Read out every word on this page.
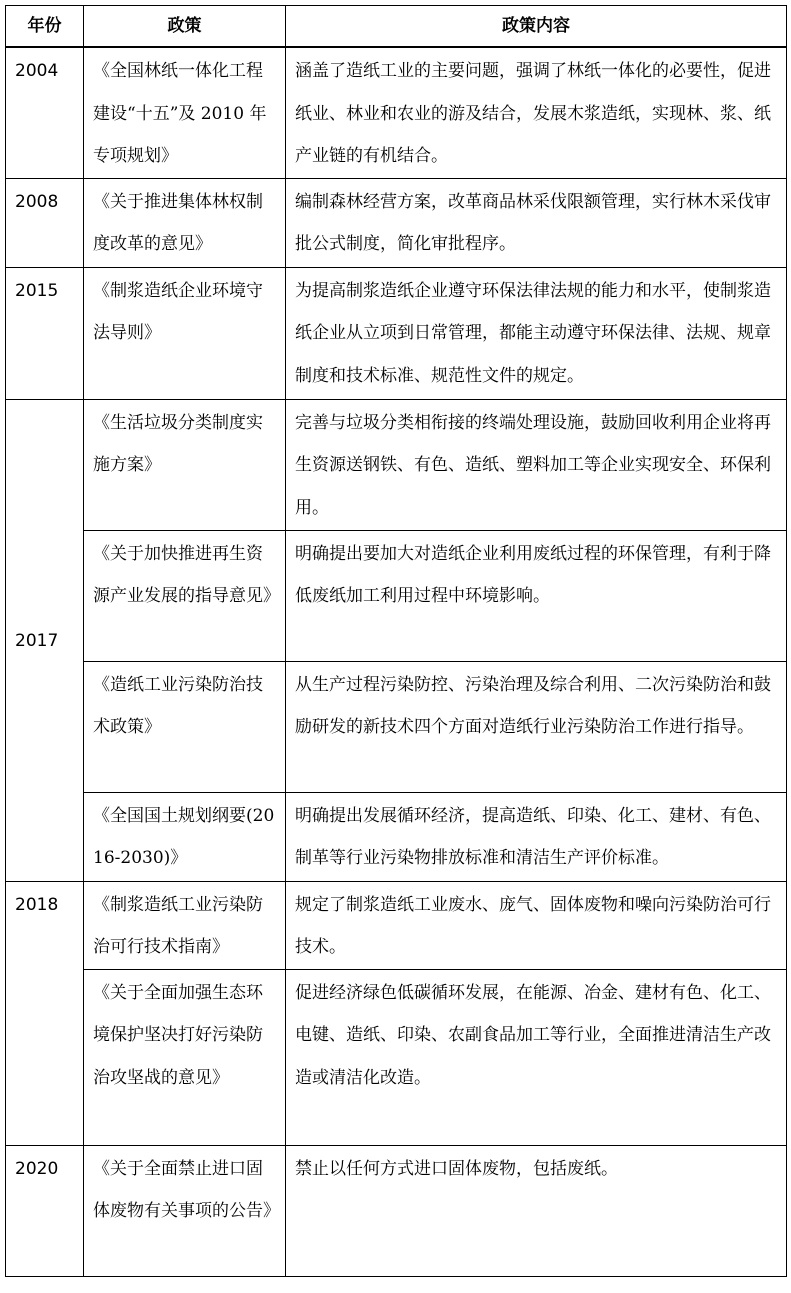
年份	政策	政策内容
2004	《全国林纸一体化工程建设“十五”及 2010 年专项规划》	涵盖了造纸工业的主要问题，强调了林纸一体化的必要性，促进纸业、林业和农业的游及结合，发展木浆造纸，实现林、浆、纸产业链的有机结合。
2008	《关于推进集体林权制度改革的意见》	编制森林经营方案，改革商品林采伐限额管理，实行林木采伐审批公式制度，简化审批程序。
2015	《制浆造纸企业环境守法导则》	为提高制浆造纸企业遵守环保法律法规的能力和水平，使制浆造纸企业从立项到日常管理，都能主动遵守环保法律、法规、规章制度和技术标准、规范性文件的规定。
2017	《生活垃圾分类制度实施方案》	完善与垃圾分类相衔接的终端处理设施，鼓励回收利用企业将再生资源送钢铁、有色、造纸、塑料加工等企业实现安全、环保利用。
	《关于加快推进再生资源产业发展的指导意见》	明确提出要加大对造纸企业利用废纸过程的环保管理，有利于降低废纸加工利用过程中环境影响。
	《造纸工业污染防治技术政策》	从生产过程污染防控、污染治理及综合利用、二次污染防治和鼓励研发的新技术四个方面对造纸行业污染防治工作进行指导。
	《全国国土规划纲要(2016-2030)》	明确提出发展循环经济，提高造纸、印染、化工、建材、有色、制革等行业污染物排放标准和清洁生产评价标准。
2018	《制浆造纸工业污染防治可行技术指南》	规定了制浆造纸工业废水、庞气、固体废物和噪向污染防治可行技术。
	《关于全面加强生态环境保护坚决打好污染防治攻坚战的意见》	促进经济绿色低碳循环发展，在能源、冶金、建材有色、化工、电键、造纸、印染、农副食品加工等行业，全面推进清洁生产改造或清洁化改造。
2020	《关于全面禁止进口固体废物有关事项的公告》	禁止以任何方式进口固体废物，包括废纸。
